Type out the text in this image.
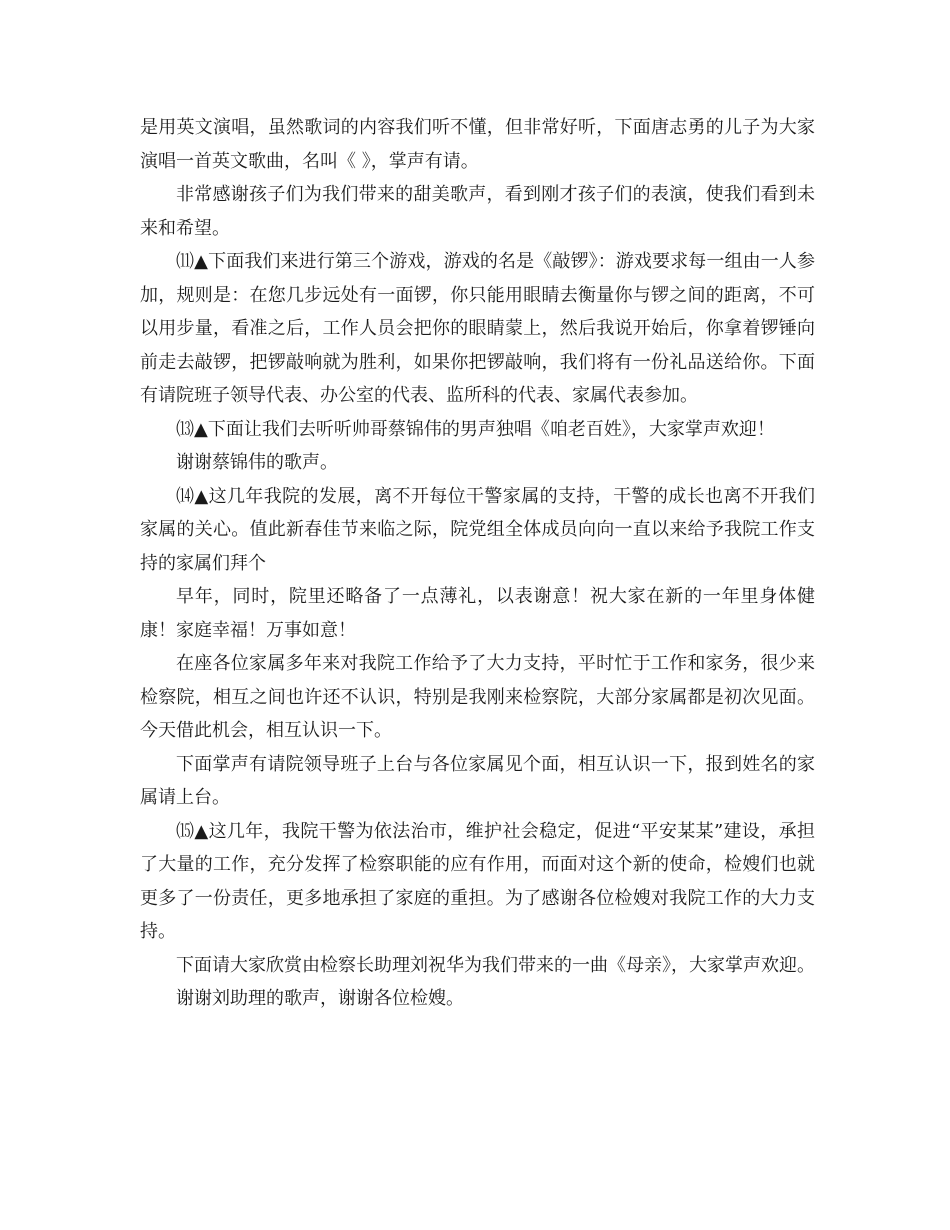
是用英文演唱，虽然歌词的内容我们听不懂，但非常好听，下面唐志勇的儿子为大家演唱一首英文歌曲，名叫《 》，掌声有请。

非常感谢孩子们为我们带来的甜美歌声，看到刚才孩子们的表演，使我们看到未来和希望。

⑾▲下面我们来进行第三个游戏，游戏的名是《敲锣》：游戏要求每一组由一人参加，规则是：在您几步远处有一面锣，你只能用眼睛去衡量你与锣之间的距离，不可以用步量，看准之后，工作人员会把你的眼睛蒙上，然后我说开始后，你拿着锣锤向前走去敲锣，把锣敲响就为胜利，如果你把锣敲响，我们将有一份礼品送给你。下面有请院班子领导代表、办公室的代表、监所科的代表、家属代表参加。

⒀▲下面让我们去听听帅哥蔡锦伟的男声独唱《咱老百姓》，大家掌声欢迎！

谢谢蔡锦伟的歌声。

⒁▲这几年我院的发展，离不开每位干警家属的支持，干警的成长也离不开我们家属的关心。值此新春佳节来临之际，院党组全体成员向向一直以来给予我院工作支持的家属们拜个

早年，同时，院里还略备了一点薄礼，以表谢意！祝大家在新的一年里身体健康！家庭幸福！万事如意！

在座各位家属多年来对我院工作给予了大力支持，平时忙于工作和家务，很少来检察院，相互之间也许还不认识，特别是我刚来检察院，大部分家属都是初次见面。今天借此机会，相互认识一下。

下面掌声有请院领导班子上台与各位家属见个面，相互认识一下，报到姓名的家属请上台。

⒂▲这几年，我院干警为依法治市，维护社会稳定，促进“平安某某”建设，承担了大量的工作，充分发挥了检察职能的应有作用，而面对这个新的使命，检嫂们也就更多了一份责任，更多地承担了家庭的重担。为了感谢各位检嫂对我院工作的大力支持。

下面请大家欣赏由检察长助理刘祝华为我们带来的一曲《母亲》，大家掌声欢迎。

谢谢刘助理的歌声，谢谢各位检嫂。
